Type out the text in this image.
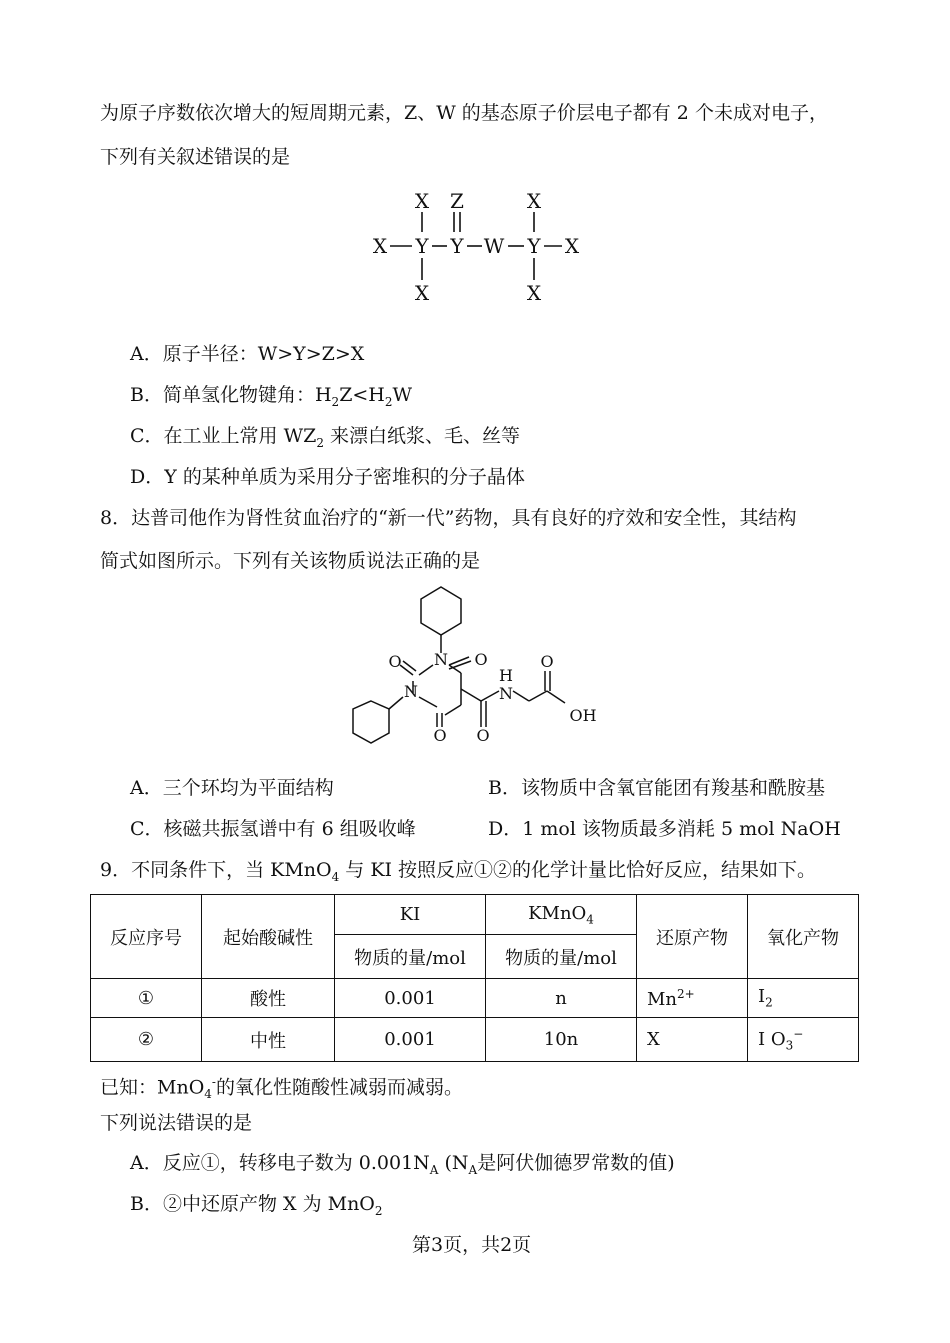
为原子序数依次增大的短周期元素，Z、W 的基态原子价层电子都有 2 个未成对电子，
下列有关叙述错误的是
X Z	X
X Y Y W Y X
X	X
A．原子半径：W>Y>Z>X
B．简单氢化物键角：$H_2Z<H_2W$
C．在工业上常用 $WZ_2$ 来漂白纸浆、毛、丝等
D．Y 的某种单质为采用分子密堆积的分子晶体
8．达普司他作为肾性贫血治疗的“新一代”药物，具有良好的疗效和安全性，其结构
简式如图所示。下列有关该物质说法正确的是
N
O	O
N
O O
H
N
O
OH
A．三个环均为平面结构	B．该物质中含氧官能团有羧基和酰胺基
C．核磁共振氢谱中有 6 组吸收峰	D．1 mol 该物质最多消耗 5 mol NaOH
9．不同条件下，当 KMnO$_4$ 与 KI 按照反应①②的化学计量比恰好反应，结果如下。
反应序号	起始酸碱性	KI	KMnO$_4$	还原产物	氧化产物
		物质的量/mol	物质的量/mol		
①	酸性	0.001	n	$Mn^{2+}$	$I_2$
②	中性	0.001	10n	X	I $O_3^-$
已知：MnO$_4$-的氧化性随酸性减弱而减弱。
下列说法错误的是
A．反应①，转移电子数为 $0.001N_A$ ($N_A$是阿伏伽德罗常数的值)
B．②中还原产物 X 为 MnO$_2$
第3页，共2页
